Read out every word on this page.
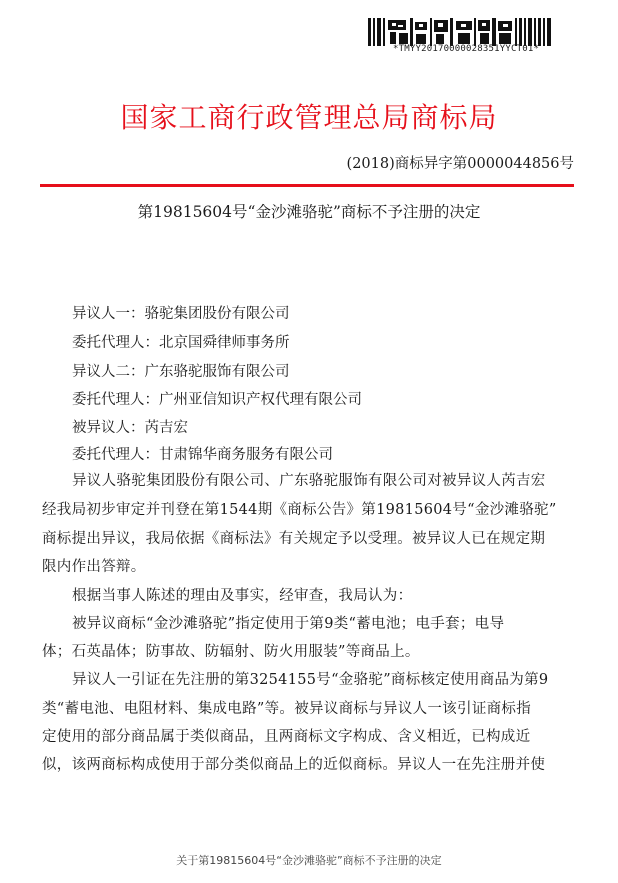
*TMYY20170000028351YYCT01*
国家工商行政管理总局商标局
(2018)商标异字第0000044856号
第19815604号“金沙滩骆驼”商标不予注册的决定
异议人一：骆驼集团股份有限公司
委托代理人：北京国舜律师事务所
异议人二：广东骆驼服饰有限公司
委托代理人：广州亚信知识产权代理有限公司
被异议人：芮吉宏
委托代理人：甘肃锦华商务服务有限公司
异议人骆驼集团股份有限公司、广东骆驼服饰有限公司对被异议人芮吉宏
经我局初步审定并刊登在第1544期《商标公告》第19815604号“金沙滩骆驼”
商标提出异议，我局依据《商标法》有关规定予以受理。被异议人已在规定期
限内作出答辩。
根据当事人陈述的理由及事实，经审查，我局认为：
被异议商标“金沙滩骆驼”指定使用于第9类“蓄电池；电手套；电导
体；石英晶体；防事故、防辐射、防火用服装”等商品上。
异议人一引证在先注册的第3254155号“金骆驼”商标核定使用商品为第9
类“蓄电池、电阻材料、集成电路”等。被异议商标与异议人一该引证商标指
定使用的部分商品属于类似商品，且两商标文字构成、含义相近，已构成近
似，该两商标构成使用于部分类似商品上的近似商标。异议人一在先注册并使
关于第19815604号“金沙滩骆驼”商标不予注册的决定
